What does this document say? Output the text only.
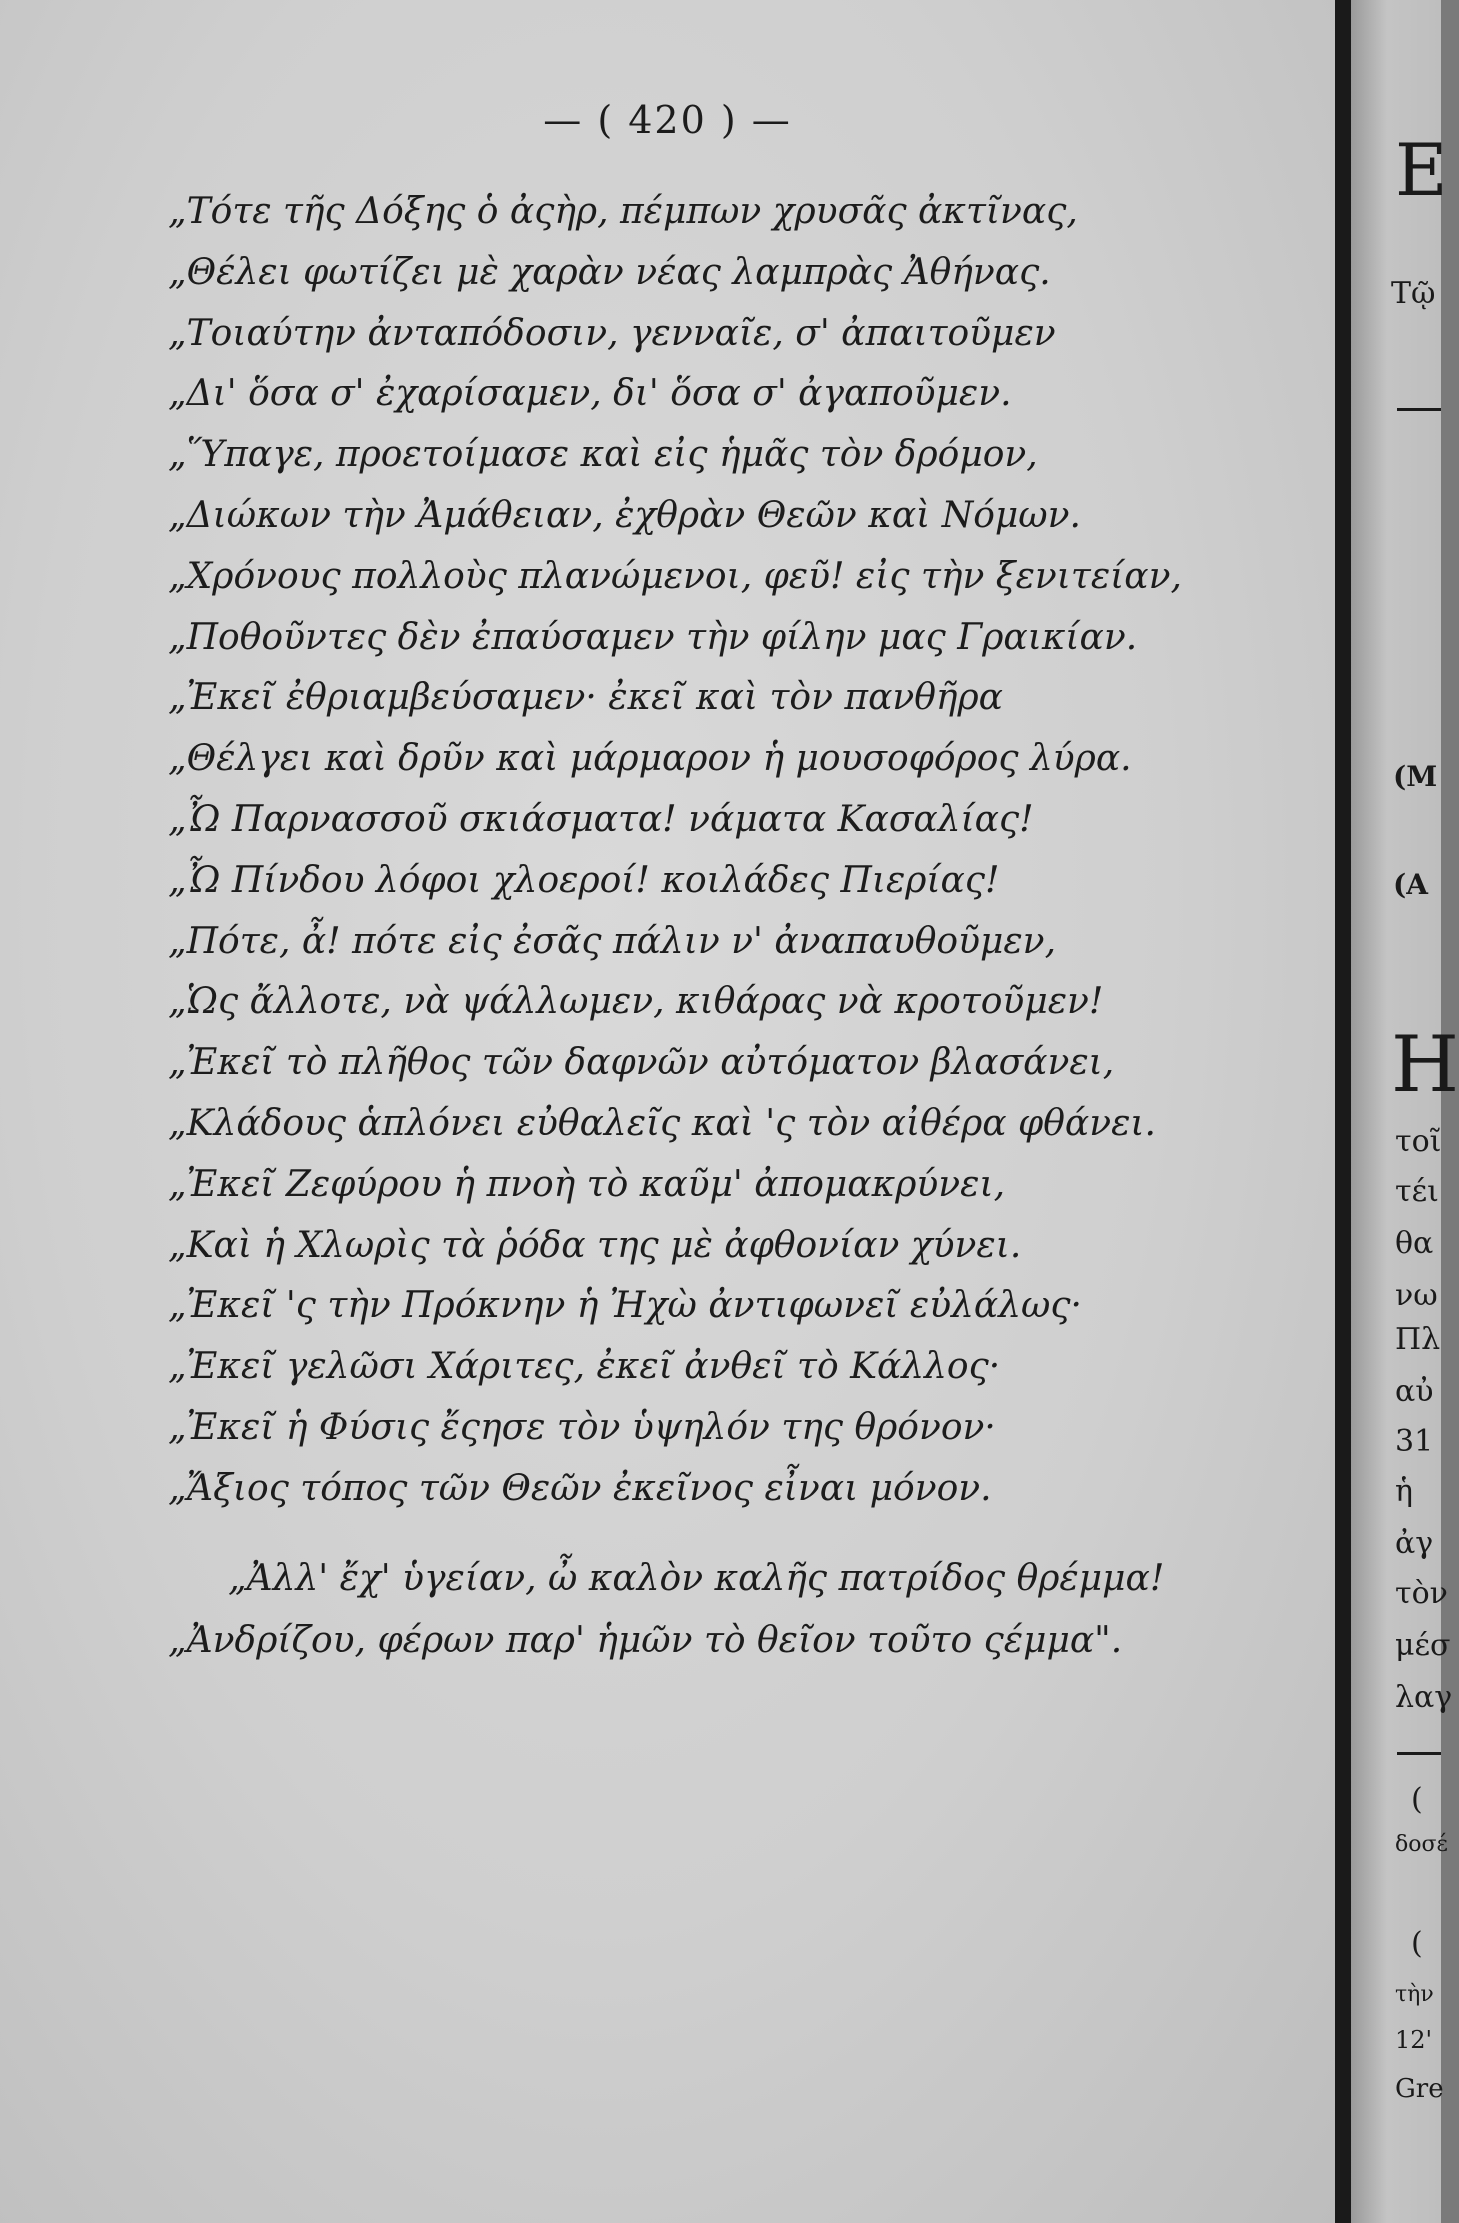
— ( 420 ) —
„Τότε τῆς Δόξης ὁ ἀςὴρ, πέμπων χρυσᾶς ἀκτῖνας,
„Θέλει φωτίζει μὲ χαρὰν νέας λαμπρὰς Ἀθήνας.
„Τοιαύτην ἀνταπόδοσιν, γενναῖε, σ' ἀπαιτοῦμεν
„Δι' ὅσα σ' ἐχαρίσαμεν, δι' ὅσα σ' ἀγαποῦμεν.
„Ὕπαγε, προετοίμασε καὶ εἰς ἡμᾶς τὸν δρόμον,
„Διώκων τὴν Ἀμάθειαν, ἐχθρὰν Θεῶν καὶ Νόμων.
„Χρόνους πολλοὺς πλανώμενοι, φεῦ! εἰς τὴν ξενιτείαν,
„Ποθοῦντες δὲν ἐπαύσαμεν τὴν φίλην μας Γραικίαν.
„Ἐκεῖ ἐθριαμβεύσαμεν· ἐκεῖ καὶ τὸν πανθῆρα
„Θέλγει καὶ δρῦν καὶ μάρμαρον ἡ μουσοφόρος λύρα.
„Ὦ Παρνασσοῦ σκιάσματα! νάματα Κασαλίας!
„Ὦ Πίνδου λόφοι χλοεροί! κοιλάδες Πιερίας!
„Πότε, ἆ! πότε εἰς ἐσᾶς πάλιν ν' ἀναπαυθοῦμεν,
„Ὡς ἄλλοτε, νὰ ψάλλωμεν, κιθάρας νὰ κροτοῦμεν!
„Ἐκεῖ τὸ πλῆθος τῶν δαφνῶν αὐτόματον βλασάνει,
„Κλάδους ἁπλόνει εὐθαλεῖς καὶ 'ς τὸν αἰθέρα φθάνει.
„Ἐκεῖ Ζεφύρου ἡ πνοὴ τὸ καῦμ' ἀπομακρύνει,
„Καὶ ἡ Χλωρὶς τὰ ῥόδα της μὲ ἀφθονίαν χύνει.
„Ἐκεῖ 'ς τὴν Πρόκνην ἡ Ἠχὼ ἀντιφωνεῖ εὐλάλως·
„Ἐκεῖ γελῶσι Χάριτες, ἐκεῖ ἀνθεῖ τὸ Κάλλος·
„Ἐκεῖ ἡ Φύσις ἔςησε τὸν ὑψηλόν της θρόνον·
„Ἄξιος τόπος τῶν Θεῶν ἐκεῖνος εἶναι μόνον.
„Ἀλλ' ἔχ' ὑγείαν, ὦ καλὸν καλῆς πατρίδος θρέμμα!
„Ἀνδρίζου, φέρων παρ' ἡμῶν τὸ θεῖον τοῦτο ςέμμα".
E
Τῷ
(Μ
(Α
Η
τοῖ
τέι
θα
νω
Πλ
αὐ
31
ἡ
ἀγ
τὸν
μέσ
λαγ
(
δοσέ
(
τὴν
12'
Gre
